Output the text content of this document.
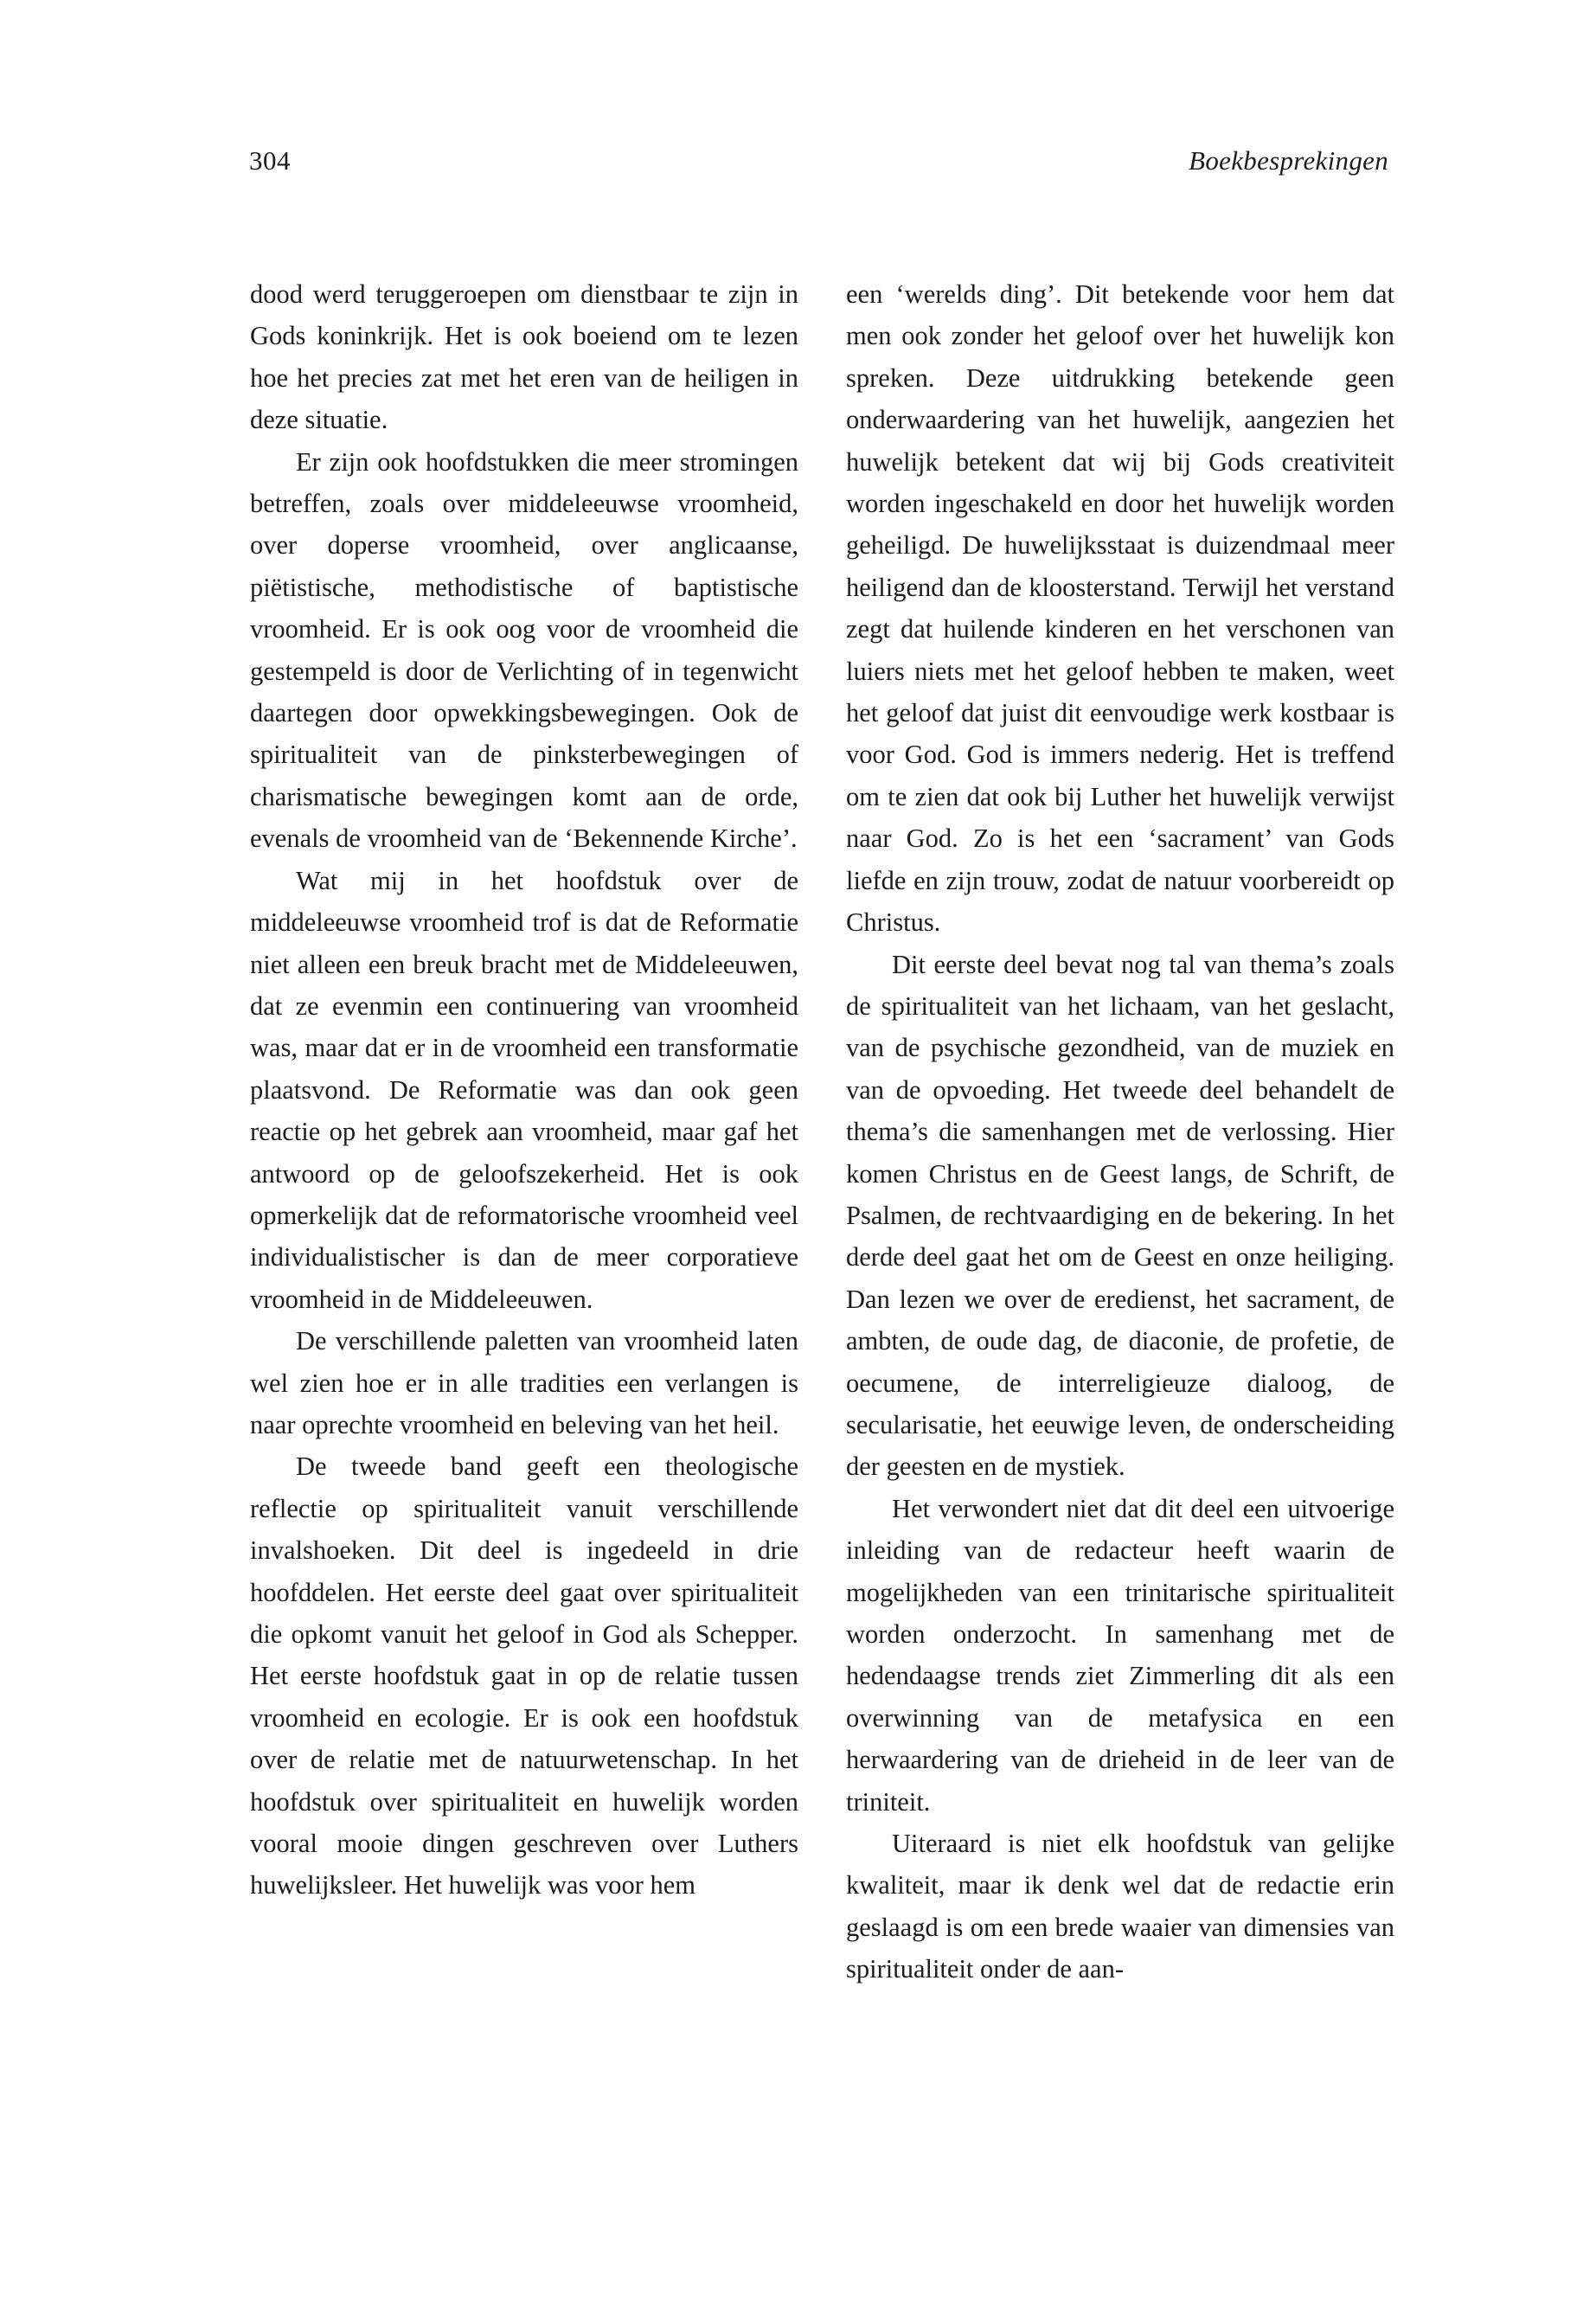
304	Boekbesprekingen

dood werd teruggeroepen om dienstbaar te zijn in Gods koninkrijk. Het is ook boeiend om te lezen hoe het precies zat met het eren van de heiligen in deze situatie.

Er zijn ook hoofdstukken die meer stromingen betreffen, zoals over middeleeuwse vroomheid, over doperse vroomheid, over anglicaanse, piëtistische, methodistische of baptistische vroomheid. Er is ook oog voor de vroomheid die gestempeld is door de Verlichting of in tegenwicht daartegen door opwekkingsbewegingen. Ook de spiritualiteit van de pinksterbewegingen of charismatische bewegingen komt aan de orde, evenals de vroomheid van de ‘Bekennende Kirche’.

Wat mij in het hoofdstuk over de middeleeuwse vroomheid trof is dat de Reformatie niet alleen een breuk bracht met de Middeleeuwen, dat ze evenmin een continuering van vroomheid was, maar dat er in de vroomheid een transformatie plaatsvond. De Reformatie was dan ook geen reactie op het gebrek aan vroomheid, maar gaf het antwoord op de geloofszekerheid. Het is ook opmerkelijk dat de reformatorische vroomheid veel individualistischer is dan de meer corporatieve vroomheid in de Middeleeuwen.

De verschillende paletten van vroomheid laten wel zien hoe er in alle tradities een verlangen is naar oprechte vroomheid en beleving van het heil.

De tweede band geeft een theologische reflectie op spiritualiteit vanuit verschillende invalshoeken. Dit deel is ingedeeld in drie hoofddelen. Het eerste deel gaat over spiritualiteit die opkomt vanuit het geloof in God als Schepper. Het eerste hoofdstuk gaat in op de relatie tussen vroomheid en ecologie. Er is ook een hoofdstuk over de relatie met de natuurwetenschap. In het hoofdstuk over spiritualiteit en huwelijk worden vooral mooie dingen geschreven over Luthers huwelijksleer. Het huwelijk was voor hem

een ‘werelds ding’. Dit betekende voor hem dat men ook zonder het geloof over het huwelijk kon spreken. Deze uitdrukking betekende geen onderwaardering van het huwelijk, aangezien het huwelijk betekent dat wij bij Gods creativiteit worden ingeschakeld en door het huwelijk worden geheiligd. De huwelijksstaat is duizendmaal meer heiligend dan de kloosterstand. Terwijl het verstand zegt dat huilende kinderen en het verschonen van luiers niets met het geloof hebben te maken, weet het geloof dat juist dit eenvoudige werk kostbaar is voor God. God is immers nederig. Het is treffend om te zien dat ook bij Luther het huwelijk verwijst naar God. Zo is het een ‘sacrament’ van Gods liefde en zijn trouw, zodat de natuur voorbereidt op Christus.

Dit eerste deel bevat nog tal van thema’s zoals de spiritualiteit van het lichaam, van het geslacht, van de psychische gezondheid, van de muziek en van de opvoeding. Het tweede deel behandelt de thema’s die samenhangen met de verlossing. Hier komen Christus en de Geest langs, de Schrift, de Psalmen, de rechtvaardiging en de bekering. In het derde deel gaat het om de Geest en onze heiliging. Dan lezen we over de eredienst, het sacrament, de ambten, de oude dag, de diaconie, de profetie, de oecumene, de interreligieuze dialoog, de secularisatie, het eeuwige leven, de onderscheiding der geesten en de mystiek.

Het verwondert niet dat dit deel een uitvoerige inleiding van de redacteur heeft waarin de mogelijkheden van een trinitarische spiritualiteit worden onderzocht. In samenhang met de hedendaagse trends ziet Zimmerling dit als een overwinning van de metafysica en een herwaardering van de drieheid in de leer van de triniteit.

Uiteraard is niet elk hoofdstuk van gelijke kwaliteit, maar ik denk wel dat de redactie erin geslaagd is om een brede waaier van dimensies van spiritualiteit onder de aan-
